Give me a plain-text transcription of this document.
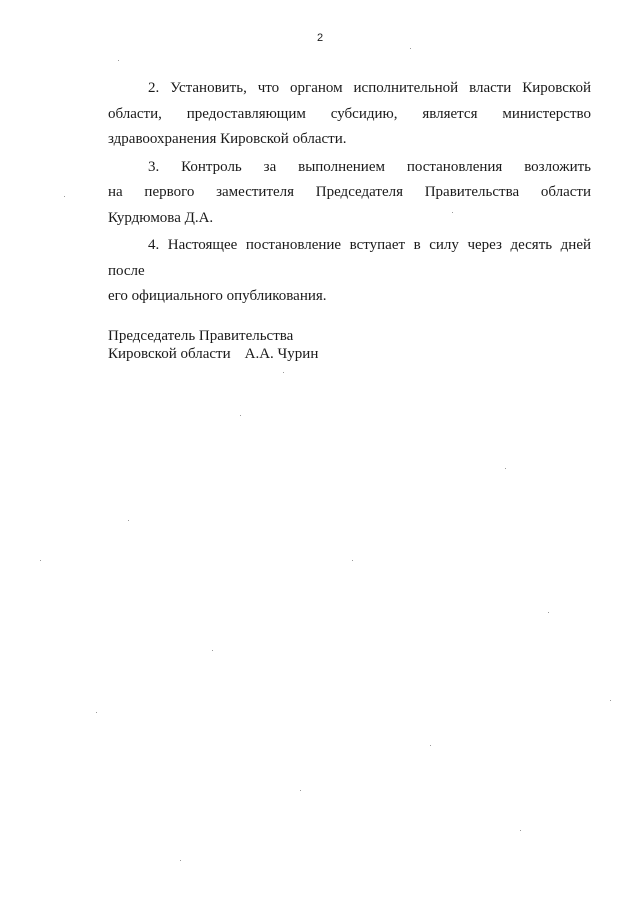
2

2. Установить, что органом исполнительной власти Кировской
области, предоставляющим субсидию, является министерство
здравоохранения Кировской области.

3. Контроль за выполнением постановления возложить
на первого заместителя Председателя Правительства области
Курдюмова Д.А.

4. Настоящее постановление вступает в силу через десять дней после
его официального опубликования.

Председатель Правительства
Кировской области А.А. Чурин
